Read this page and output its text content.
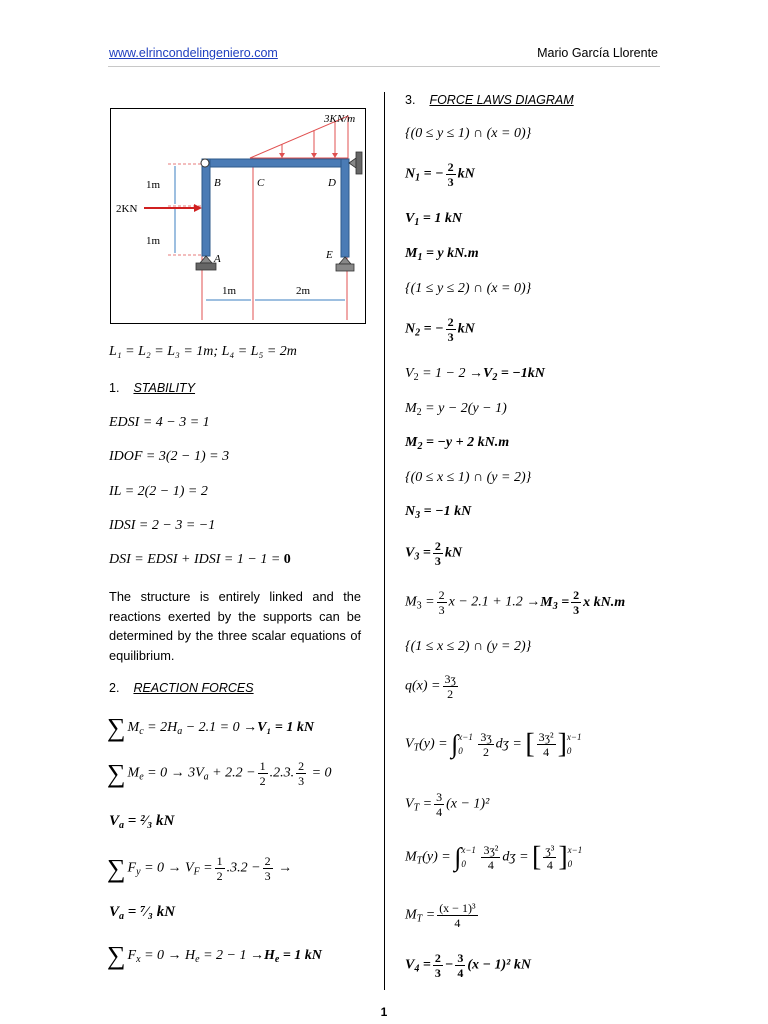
www.elrincondelingeniero.com	Mario García Llorente
3KN/m
1m
1m
2KN
B	C	D
A	E
1m	2m
L₁ = L₂ = L₃ = 1m; L₄ = L₅ = 2m
1. STABILITY
EDSI = 4 − 3 = 1
IDOF = 3(2 − 1) = 3
IL = 2(2 − 1) = 2
IDSI = 2 − 3 = −1
DSI = EDSI + IDSI = 1 − 1 = 0
The structure is entirely linked and the reactions exerted by the supports can be determined by the three scalar equations of equilibrium.
2. REACTION FORCES
∑ $M_c = 2H_a - 2.1 = 0 \to V_1 = 1$ kN
∑ $M_e = 0 \to 3V_a + 2.2 - \frac{1}{2} .2.3$. $\frac{2}{3} = 0$
$V_a$ = ²⁄₃ kN
∑ $F_y = 0 \to V_F = \frac{1}{2} .3.2 - \frac{2}{3}$ →
$V_a$ = ⁷⁄₃ kN
∑ $F_x = 0 \to H_e = 2 - 1 \to H_e = 1$ kN
3. FORCE LAWS DIAGRAM
{(0 ≤ y ≤ 1) ∩ (x = 0)}
$N_1$ = − $\frac{2}{3}$ kN
$V_1 = 1$ kN
$M_1 = y$ kN.m
{(1 ≤ y ≤ 2) ∩ (x = 0)}
$N_2$ = − $\frac{2}{3}$ kN
$V_2 = 1 - 2 \to V_2 = -1kN$
$M_2 = y - 2(y - 1)$
$M_2 = -y + 2$ kN.m
{(0 ≤ x ≤ 1) ∩ (y = 2)}
$N_3 = -1$ kN
$V_3 = \frac{2}{3}$ kN
$M_3 = \frac{2}{3}$ $x - 2.1 + 1.2 \to M_3 = \frac{2}{3}$ x kN.m
{(1 ≤ x ≤ 2) ∩ (y = 2)}
$q(x) = \frac{\text{3ʒ}}{2}$
$V_T(y)$ = ∫ x−1
0
	$\frac{\text{3ʒ}}{2}$ dʒ = [ $\frac{\text{3ʒ²}}{4}$ ] x−1
0
$V_T = \frac{3}{4} (x - 1)^2$
$M_T(y)$ = ∫ x−1
0
	$\frac{\text{3ʒ²}}{4}$ dʒ = [ $\frac{\text{ʒ³}}{4}$ ] x−1
0
$M_T = \frac{\text{(x − 1)³}}{4}$
$V_4 = \frac{2}{3} - \frac{3}{4} (x - 1)^2$ kN
1
